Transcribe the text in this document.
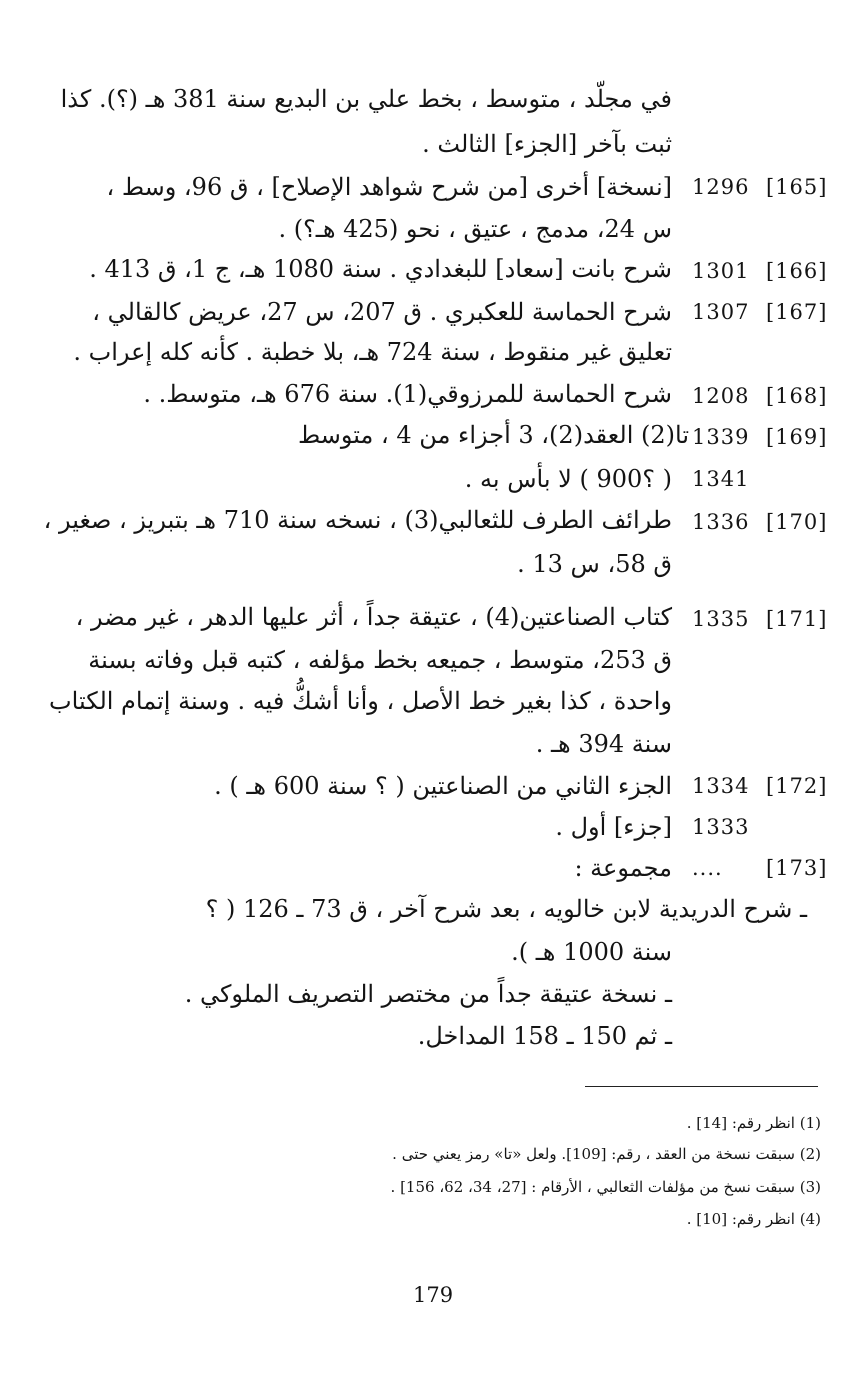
في مجلّد ، متوسط ، بخط علي بن البديع سنة 381 هـ (؟). كذا
ثبت بآخر [الجزء] الثالث .
[نسخة] أخرى [من شرح شواهد الإصلاح] ، ق 96، وسط ،
س 24، مدمج ، عتيق ، نحو (425 هـ؟) .
شرح بانت [سعاد] للبغدادي . سنة 1080 هـ، ج 1، ق 413 .
شرح الحماسة للعكبري . ق 207، س 27، عريض كالقالي ،
تعليق غير منقوط ، سنة 724 هـ، بلا خطبة . كأنه كله إعراب .
شرح الحماسة للمرزوقي(1). سنة 676 هـ، متوسط. .
تا(2) العقد(2)، 3 أجزاء من 4 ، متوسط
( ؟900 ) لا بأس به .
طرائف الطرف للثعالبي(3) ، نسخه سنة 710 هـ بتبريز ، صغير ،
ق 58، س 13 .
كتاب الصناعتين(4) ، عتيقة جداً ، أثر عليها الدهر ، غير مضر ،
ق 253، متوسط ، جميعه بخط مؤلفه ، كتبه قبل وفاته بسنة
واحدة ، كذا بغير خط الأصل ، وأنا أشكُّ فيه . وسنة إتمام الكتاب
سنة 394 هـ .
الجزء الثاني من الصناعتين ( ؟ سنة 600 هـ ) .
[جزء] أول .
مجموعة :
ـ شرح الدريدية لابن خالويه ، بعد شرح آخر ، ق 73 ـ 126 ( ؟
سنة 1000 هـ ).
ـ نسخة عتيقة جداً من مختصر التصريف الملوكي .
ـ ثم 150 ـ 158 المداخل.
1296 [165]
1301 [166]
1307 [167]
1208 [168]
1339 [169]
1341
1336 [170]
1335 [171]
1334 [172]
1333
.... [173]
(1) انظر رقم: [14] .
(2) سبقت نسخة من العقد ، رقم: [109]. ولعل «تا» رمز يعني حتى .
(3) سبقت نسخ من مؤلفات الثعالبي ، الأرقام : [27، 34، 62، 156] .
(4) انظر رقم: [10] .
179
